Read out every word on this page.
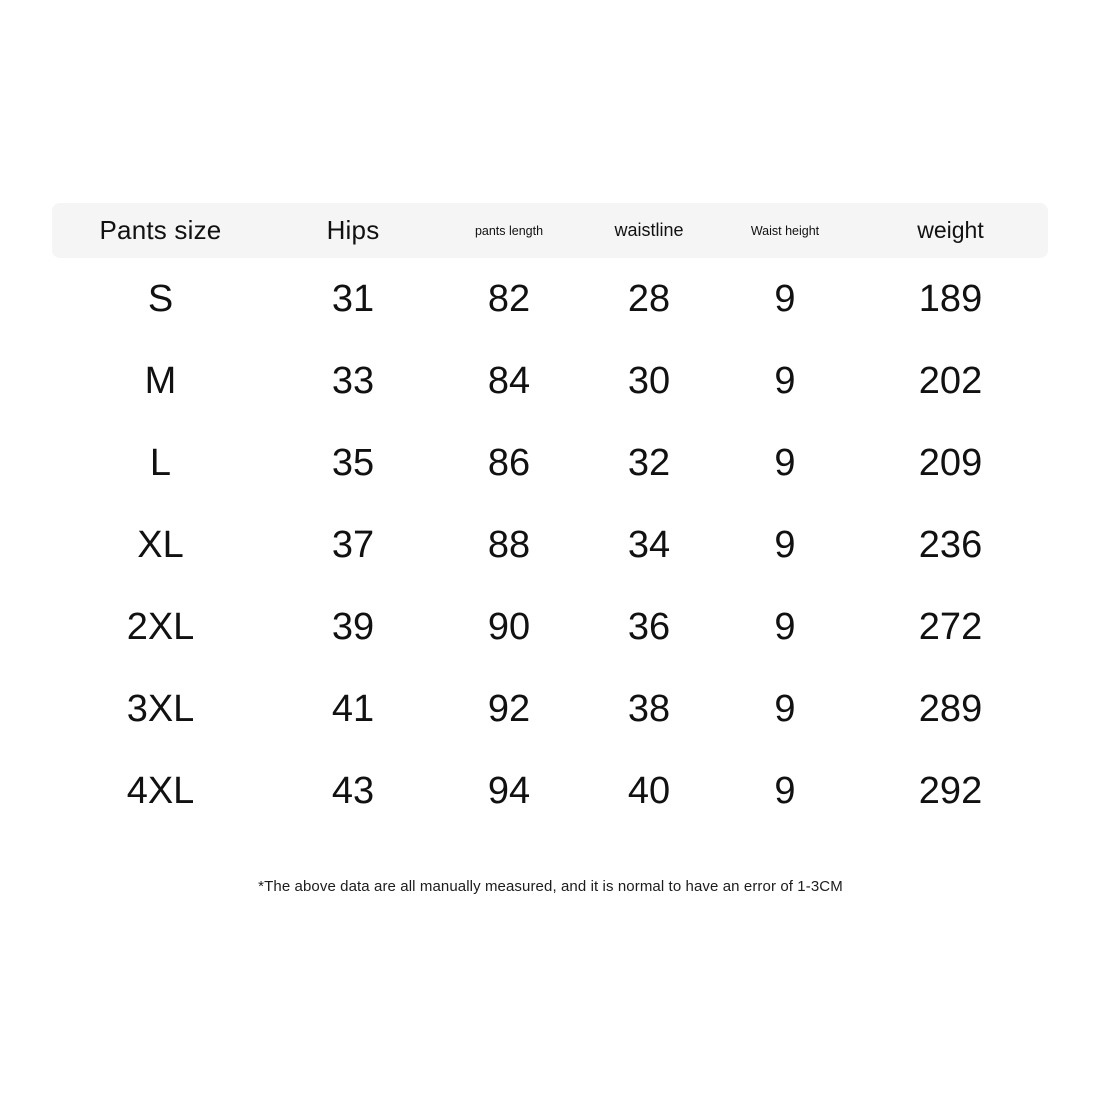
Pants size	Hips	pants length	waistline	Waist height	weight
S	31	82	28	9	189
M	33	84	30	9	202
L	35	86	32	9	209
XL	37	88	34	9	236
2XL	39	90	36	9	272
3XL	41	92	38	9	289
4XL	43	94	40	9	292
*The above data are all manually measured, and it is normal to have an error of 1-3CM
